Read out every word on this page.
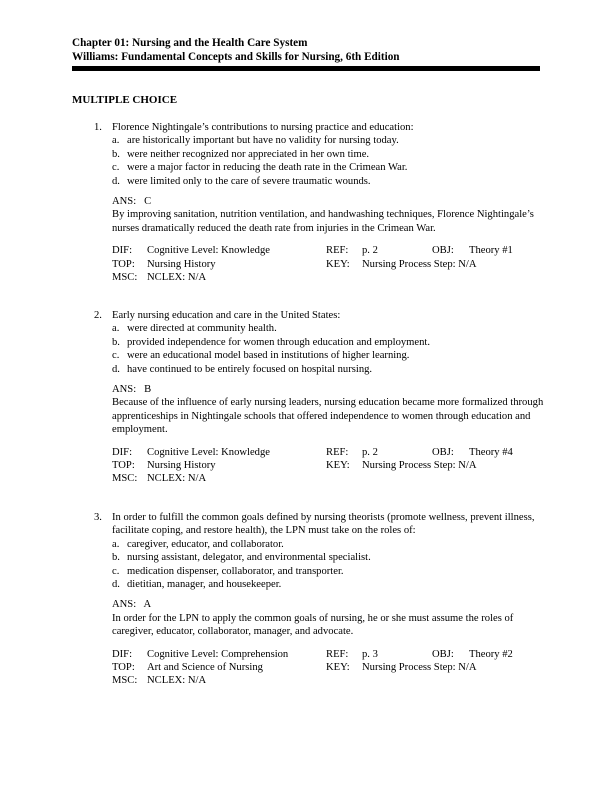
Chapter 01: Nursing and the Health Care System
Williams: Fundamental Concepts and Skills for Nursing, 6th Edition
MULTIPLE CHOICE
1. Florence Nightingale’s contributions to nursing practice and education:
a. are historically important but have no validity for nursing today.
b. were neither recognized nor appreciated in her own time.
c. were a major factor in reducing the death rate in the Crimean War.
d. were limited only to the care of severe traumatic wounds.
ANS: C
By improving sanitation, nutrition ventilation, and handwashing techniques, Florence Nightingale’s nurses dramatically reduced the death rate from injuries in the Crimean War.
DIF: Cognitive Level: Knowledge	REF: p. 2	OBJ: Theory #1
TOP: Nursing History	KEY: Nursing Process Step: N/A
MSC: NCLEX: N/A
2. Early nursing education and care in the United States:
a. were directed at community health.
b. provided independence for women through education and employment.
c. were an educational model based in institutions of higher learning.
d. have continued to be entirely focused on hospital nursing.
ANS: B
Because of the influence of early nursing leaders, nursing education became more formalized through apprenticeships in Nightingale schools that offered independence to women through education and employment.
DIF: Cognitive Level: Knowledge	REF: p. 2	OBJ: Theory #4
TOP: Nursing History	KEY: Nursing Process Step: N/A
MSC: NCLEX: N/A
3. In order to fulfill the common goals defined by nursing theorists (promote wellness, prevent illness, facilitate coping, and restore health), the LPN must take on the roles of:
a. caregiver, educator, and collaborator.
b. nursing assistant, delegator, and environmental specialist.
c. medication dispenser, collaborator, and transporter.
d. dietitian, manager, and housekeeper.
ANS: A
In order for the LPN to apply the common goals of nursing, he or she must assume the roles of caregiver, educator, collaborator, manager, and advocate.
DIF: Cognitive Level: Comprehension	REF: p. 3	OBJ: Theory #2
TOP: Art and Science of Nursing	KEY: Nursing Process Step: N/A
MSC: NCLEX: N/A
